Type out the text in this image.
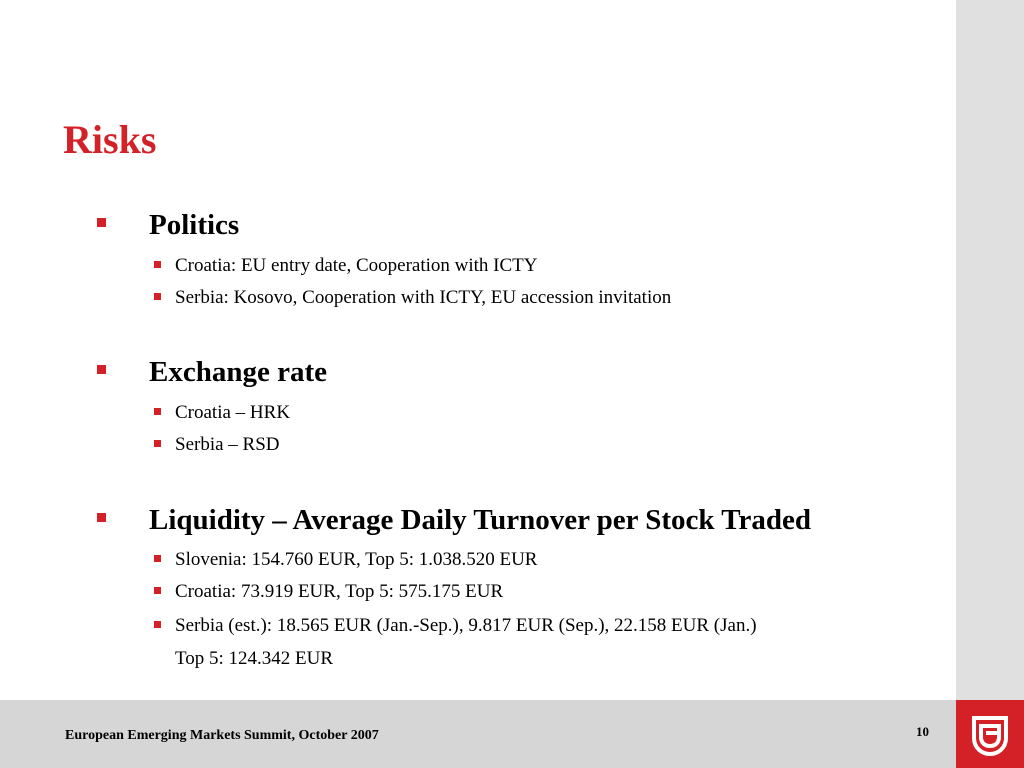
Risks
Politics
Croatia: EU entry date, Cooperation with ICTY
Serbia: Kosovo, Cooperation with ICTY, EU accession invitation
Exchange rate
Croatia – HRK
Serbia – RSD
Liquidity – Average Daily Turnover per Stock Traded
Slovenia: 154.760 EUR, Top 5: 1.038.520 EUR
Croatia: 73.919 EUR, Top 5: 575.175 EUR
Serbia (est.): 18.565 EUR (Jan.-Sep.), 9.817 EUR (Sep.), 22.158 EUR (Jan.)
Top 5: 124.342 EUR
European Emerging Markets Summit, October 2007	10
